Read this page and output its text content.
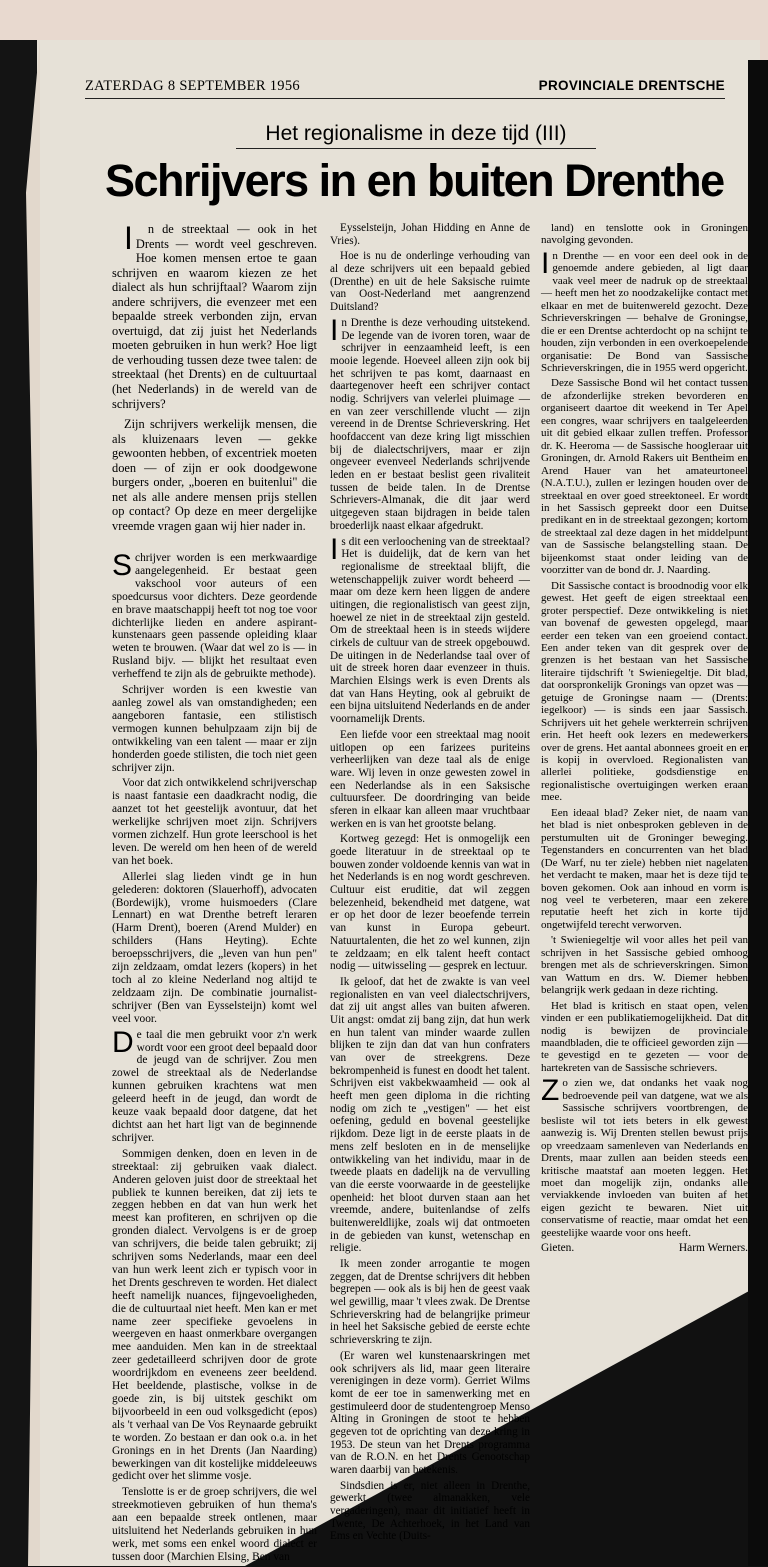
ZATERDAG 8 SEPTEMBER 1956	PROVINCIALE DRENTSCHE
Het regionalisme in deze tijd (III)
Schrijvers in en buiten Drenthe

In de streektaal — ook in het Drents — wordt veel geschreven. Hoe komen mensen ertoe te gaan schrijven en waarom kiezen ze het dialect als hun schrijftaal? Waarom zijn andere schrijvers, die evenzeer met een bepaalde streek verbonden zijn, ervan overtuigd, dat zij juist het Nederlands moeten gebruiken in hun werk? Hoe ligt de verhouding tussen deze twee talen: de streektaal (het Drents) en de cultuurtaal (het Nederlands) in de wereld van de schrijvers?

Zijn schrijvers werkelijk mensen, die als kluizenaars leven — gekke gewoonten hebben, of excentriek moeten doen — of zijn er ook doodgewone burgers onder, „boeren en buitenlui" die net als alle andere mensen prijs stellen op contact? Op deze en meer dergelijke vreemde vragen gaan wij hier nader in.

Schrijver worden is een merkwaardige aangelegenheid. Er bestaat geen vakschool voor auteurs of een spoedcursus voor dichters. Deze geordende en brave maatschappij heeft tot nog toe voor dichterlijke lieden en andere aspirant-kunstenaars geen passende opleiding klaar weten te brouwen. (Waar dat wel zo is — in Rusland bijv. — blijkt het resultaat even verheffend te zijn als de gebruikte methode).

Schrijver worden is een kwestie van aanleg zowel als van omstandigheden; een aangeboren fantasie, een stilistisch vermogen kunnen behulpzaam zijn bij de ontwikkeling van een talent — maar er zijn honderden goede stilisten, die toch niet geen schrijver zijn.

Voor dat zich ontwikkelend schrijverschap is naast fantasie een daadkracht nodig, die aanzet tot het geestelijk avontuur, dat het werkelijke schrijven moet zijn. Schrijvers vormen zichzelf. Hun grote leerschool is het leven. De wereld om hen heen of de wereld van het boek.

Allerlei slag lieden vindt ge in hun gelederen: doktoren (Slauerhoff), advocaten (Bordewijk), vrome huismoeders (Clare Lennart) en wat Drenthe betreft leraren (Harm Drent), boeren (Arend Mulder) en schilders (Hans Heyting). Echte beroepsschrijvers, die „leven van hun pen" zijn zeldzaam, omdat lezers (kopers) in het toch al zo kleine Nederland nog altijd te zeldzaam zijn. De combinatie journalist-schrijver (Ben van Eysselsteijn) komt wel veel voor.

De taal die men gebruikt voor z'n werk wordt voor een groot deel bepaald door de jeugd van de schrijver. Zou men zowel de streektaal als de Nederlandse kunnen gebruiken krachtens wat men geleerd heeft in de jeugd, dan wordt de keuze vaak bepaald door datgene, dat het dichtst aan het hart ligt van de beginnende schrijver.

Sommigen denken, doen en leven in de streektaal: zij gebruiken vaak dialect. Anderen geloven juist door de streektaal het publiek te kunnen bereiken, dat zij iets te zeggen hebben en dat van hun werk het meest kan profiteren, en schrijven op die gronden dialect. Vervolgens is er de groep van schrijvers, die beide talen gebruikt; zij schrijven soms Nederlands, maar een deel van hun werk leent zich er typisch voor in het Drents geschreven te worden. Het dialect heeft namelijk nuances, fijngevoeligheden, die de cultuurtaal niet heeft. Men kan er met name zeer specifieke gevoelens in weergeven en haast onmerkbare overgangen mee aanduiden. Men kan in de streektaal zeer gedetailleerd schrijven door de grote woordrijkdom en eveneens zeer beeldend. Het beeldende, plastische, volkse in de goede zin, is bij uitstek geschikt om bijvoorbeeld in een oud volksgedicht (epos) als 't verhaal van De Vos Reynaarde gebruikt te worden. Zo bestaan er dan ook o.a. in het Gronings en in het Drents (Jan Naarding) bewerkingen van dit kostelijke middeleeuws gedicht over het slimme vosje.

Tenslotte is er de groep schrijvers, die wel streekmotieven gebruiken of hun thema's aan een bepaalde streek ontlenen, maar uitsluitend het Nederlands gebruiken in hun werk, met soms een enkel woord dialect er tussen door (Marchien Elsing, Ben van

Eysselsteijn, Johan Hidding en Anne de Vries).

Hoe is nu de onderlinge verhouding van al deze schrijvers uit een bepaald gebied (Drenthe) en uit de hele Saksische ruimte van Oost-Nederland met aangrenzend Duitsland?

In Drenthe is deze verhouding uitstekend. De legende van de ivoren toren, waar de schrijver in eenzaamheid leeft, is een mooie legende. Hoeveel alleen zijn ook bij het schrijven te pas komt, daarnaast en daartegenover heeft een schrijver contact nodig. Schrijvers van velerlei pluimage — en van zeer verschillende vlucht — zijn vereend in de Drentse Schrieverskring. Het hoofdaccent van deze kring ligt misschien bij de dialectschrijvers, maar er zijn ongeveer evenveel Nederlands schrijvende leden en er bestaat beslist geen rivaliteit tussen de beide talen. In de Drentse Schrievers-Almanak, die dit jaar werd uitgegeven staan bijdragen in beide talen broederlijk naast elkaar afgedrukt.

Is dit een verloochening van de streektaal? Het is duidelijk, dat de kern van het regionalisme de streektaal blijft, die wetenschappelijk zuiver wordt beheerd — maar om deze kern heen liggen de andere uitingen, die regionalistisch van geest zijn, hoewel ze niet in de streektaal zijn gesteld. Om de streektaal heen is in steeds wijdere cirkels de cultuur van de streek opgebouwd. De uitingen in de Nederlandse taal over of uit de streek horen daar evenzeer in thuis. Marchien Elsings werk is even Drents als dat van Hans Heyting, ook al gebruikt de een bijna uitsluitend Nederlands en de ander voornamelijk Drents.

Een liefde voor een streektaal mag nooit uitlopen op een farizees puriteins verheerlijken van deze taal als de enige ware. Wij leven in onze gewesten zowel in een Nederlandse als in een Saksische cultuursfeer. De doordringing van beide sferen in elkaar kan alleen maar vruchtbaar werken en is van het grootste belang.

Kortweg gezegd: Het is onmogelijk een goede literatuur in de streektaal op te bouwen zonder voldoende kennis van wat in het Nederlands is en nog wordt geschreven. Cultuur eist eruditie, dat wil zeggen belezenheid, bekendheid met datgene, wat er op het door de lezer beoefende terrein van kunst in Europa gebeurt. Natuurtalenten, die het zo wel kunnen, zijn te zeldzaam; en elk talent heeft contact nodig — uitwisseling — gesprek en lectuur.

Ik geloof, dat het de zwakte is van veel regionalisten en van veel dialectschrijvers, dat zij uit angst alles van buiten afweren. Uit angst: omdat zij bang zijn, dat hun werk en hun talent van minder waarde zullen blijken te zijn dan dat van hun confraters van over de streekgrens. Deze bekrompenheid is funest en doodt het talent. Schrijven eist vakbekwaamheid — ook al heeft men geen diploma in die richting nodig om zich te „vestigen" — het eist oefening, geduld en bovenal geestelijke rijkdom. Deze ligt in de eerste plaats in de mens zelf besloten en in de menselijke ontwikkeling van het individu, maar in de tweede plaats en dadelijk na de vervulling van die eerste voorwaarde in de geestelijke openheid: het bloot durven staan aan het vreemde, andere, buitenlandse of zelfs buitenwereldlijke, zoals wij dat ontmoeten in de gebieden van kunst, wetenschap en religie.

Ik meen zonder arrogantie te mogen zeggen, dat de Drentse schrijvers dit hebben begrepen — ook als is bij hen de geest vaak wel gewillig, maar 't vlees zwak. De Drentse Schrieverskring had de belangrijke primeur in heel het Saksische gebied de eerste echte schrieverskring te zijn.

(Er waren wel kunstenaarskringen met ook schrijvers als lid, maar geen literaire verenigingen in deze vorm). Gerriet Wilms komt de eer toe in samenwerking met en gestimuleerd door de studentengroep Menso Alting in Groningen de stoot te hebben gegeven tot de oprichting van deze kring in 1953. De steun van het Drents programma van de R.O.N. en het Drents Genootschap waren daarbij van betekenis.

Sindsdien is er, niet alleen in Drenthe, gewerkt (twee almanakken, vele vergaderingen), maar dit initiatief heeft in Twente, De Achterhoek, in het Land van Ems en Vechte (Duits-

land) en tenslotte ook in Groningen navolging gevonden.

In Drenthe — en voor een deel ook in de genoemde andere gebieden, al ligt daar vaak veel meer de nadruk op de streektaal — heeft men het zo noodzakelijke contact met elkaar en met de buitenwereld gezocht. Deze Schrieverskringen — behalve de Groningse, die er een Drentse achterdocht op na schijnt te houden, zijn verbonden in een overkoepelende organisatie: De Bond van Sassische Schrieverskringen, die in 1955 werd opgericht.

Deze Sassische Bond wil het contact tussen de afzonderlijke streken bevorderen en organiseert daartoe dit weekend in Ter Apel een congres, waar schrijvers en taalgeleerden uit dit gebied elkaar zullen treffen. Professor dr. K. Heeroma — de Sassische hoogleraar uit Groningen, dr. Arnold Rakers uit Bentheim en Arend Hauer van het amateurtoneel (N.A.T.U.), zullen er lezingen houden over de streektaal en over goed streektoneel. Er wordt in het Sassisch gepreekt door een Duitse predikant en in de streektaal gezongen; kortom de streektaal zal deze dagen in het middelpunt van de Sassische belangstelling staan. De bijeenkomst staat onder leiding van de voorzitter van de bond dr. J. Naarding.

Dit Sassische contact is broodnodig voor elk gewest. Het geeft de eigen streektaal een groter perspectief. Deze ontwikkeling is niet van bovenaf de gewesten opgelegd, maar eerder een teken van een groeiend contact. Een ander teken van dit gesprek over de grenzen is het bestaan van het Sassische literaire tijdschrift 't Swieniegeltje. Dit blad, dat oorspronkelijk Gronings van opzet was — getuige de Groningse naam — (Drents: iegelkoor) — is sinds een jaar Sassisch. Schrijvers uit het gehele werkterrein schrijven erin. Het heeft ook lezers en medewerkers over de grens. Het aantal abonnees groeit en er is kopij in overvloed. Regionalisten van allerlei politieke, godsdienstige en regionalistische overtuigingen werken eraan mee.

Een ideaal blad? Zeker niet, de naam van het blad is niet onbesproken gebleven in de perstumulten uit de Groninger beweging. Tegenstanders en concurrenten van het blad (De Warf, nu ter ziele) hebben niet nagelaten het verdacht te maken, maar het is deze tijd te boven gekomen. Ook aan inhoud en vorm is nog veel te verbeteren, maar een zekere reputatie heeft het zich in korte tijd ongetwijfeld terecht verworven.

't Swieniegeltje wil voor alles het peil van schrijven in het Sassische gebied omhoog brengen met als de schrieverskringen. Simon van Wattum en drs. W. Diemer hebben belangrijk werk gedaan in deze richting.

Het blad is kritisch en staat open, velen vinden er een publikatiemogelijkheid. Dat dit nodig is bewijzen de provinciale maandbladen, die te officieel geworden zijn — te gevestigd en te gezeten — voor de hartekreten van de Sassische schrievers.

Zo zien we, dat ondanks het vaak nog bedroevende peil van datgene, wat we als Sassische schrijvers voortbrengen, de besliste wil tot iets beters in elk gewest aanwezig is. Wij Drenten stellen bewust prijs op vreedzaam samenleven van Nederlands en Drents, maar zullen aan beiden steeds een kritische maatstaf aan moeten leggen. Het moet dan mogelijk zijn, ondanks alle verviakkende invloeden van buiten af het eigen gezicht te bewaren. Niet uit conservatisme of reactie, maar omdat het een geestelijke waarde voor ons heeft.

Gieten.	Harm Werners.
